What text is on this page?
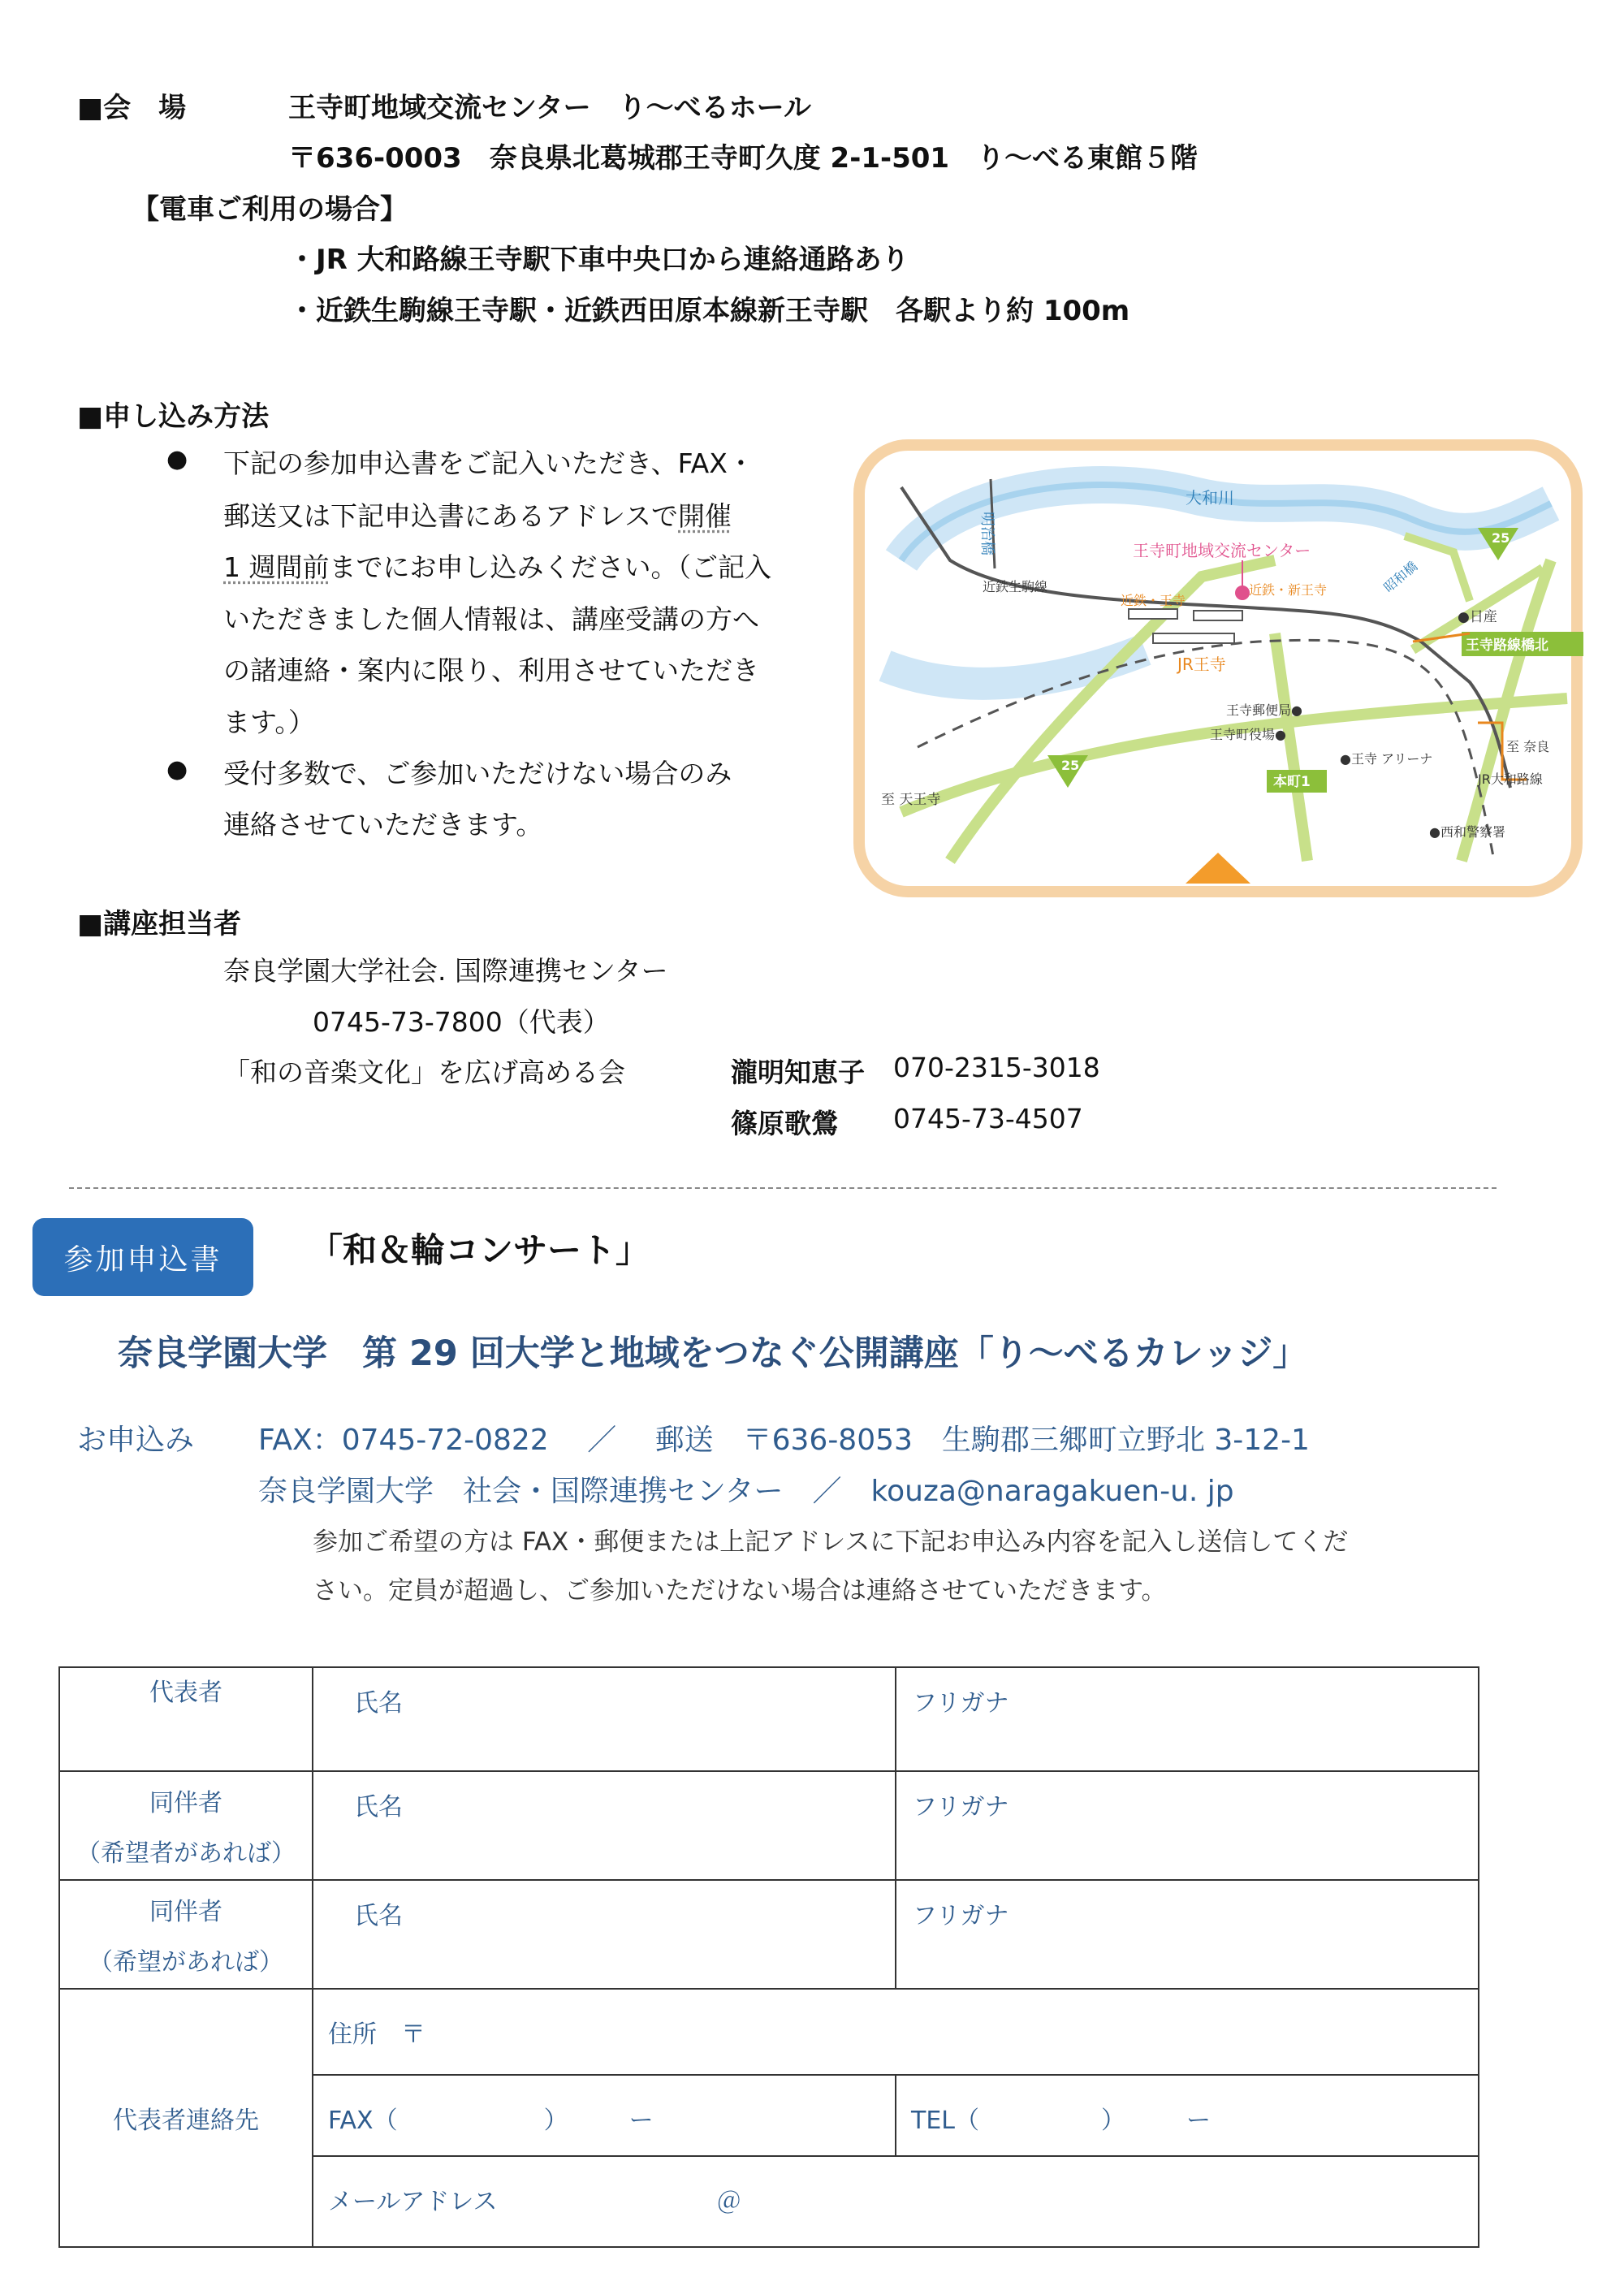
■会　場	王寺町地域交流センター　り～べるホール
〒636-0003　奈良県北葛城郡王寺町久度 2-1-501　り～べる東館５階
【電車ご利用の場合】
・JR 大和路線王寺駅下車中央口から連絡通路あり
・近鉄生駒線王寺駅・近鉄西田原本線新王寺駅　各駅より約 100m
■申し込み方法
● 下記の参加申込書をご記入いただき、FAX・
郵送又は下記申込書にあるアドレスで開催
1 週間前までにお申し込みください。（ご記入
いただきました個人情報は、講座受講の方へ
の諸連絡・案内に限り、利用させていただき
ます。）
● 受付多数で、ご参加いただけない場合のみ
連絡させていただきます。
明治橋
大和川
王寺町地域交流センター
近鉄・新王寺
近鉄・王寺
近鉄生駒線
JR王寺
昭和橋
●日産
王寺路線橋北
25
25
王寺郵便局●
王寺町役場●
至 奈良
JR大和路線
至 天王寺
本町1
●王寺 アリーナ
●西和警察署
■講座担当者
奈良学園大学社会. 国際連携センター
0745-73-7800（代表）
「和の音楽文化」を広げ高める会	瀧明知恵子 070-2315-3018
篠原歌鶯 0745-73-4507
参加申込書	「和＆輪コンサート」
奈良学園大学　第 29 回大学と地域をつなぐ公開講座「り～べるカレッジ」
お申込み FAX：0745-72-0822　 ／　 郵送　〒636-8053　生駒郡三郷町立野北 3-12-1
奈良学園大学　社会・国際連携センター　／　kouza@naragakuen-u. jp
参加ご希望の方は FAX・郵便または上記アドレスに下記お申込み内容を記入し送信してくだ
さい。定員が超過し、ご参加いただけない場合は連絡させていただきます。
代表者	氏名	フリガナ

同伴者
（希望者があれば）	氏名	フリガナ

同伴者
（希望があれば）	氏名	フリガナ
代表者連絡先	住所　〒	
	FAX（　　　　　　）　　　ー	TEL（　　　　　）　　　ー
	メールアドレス ＠	
